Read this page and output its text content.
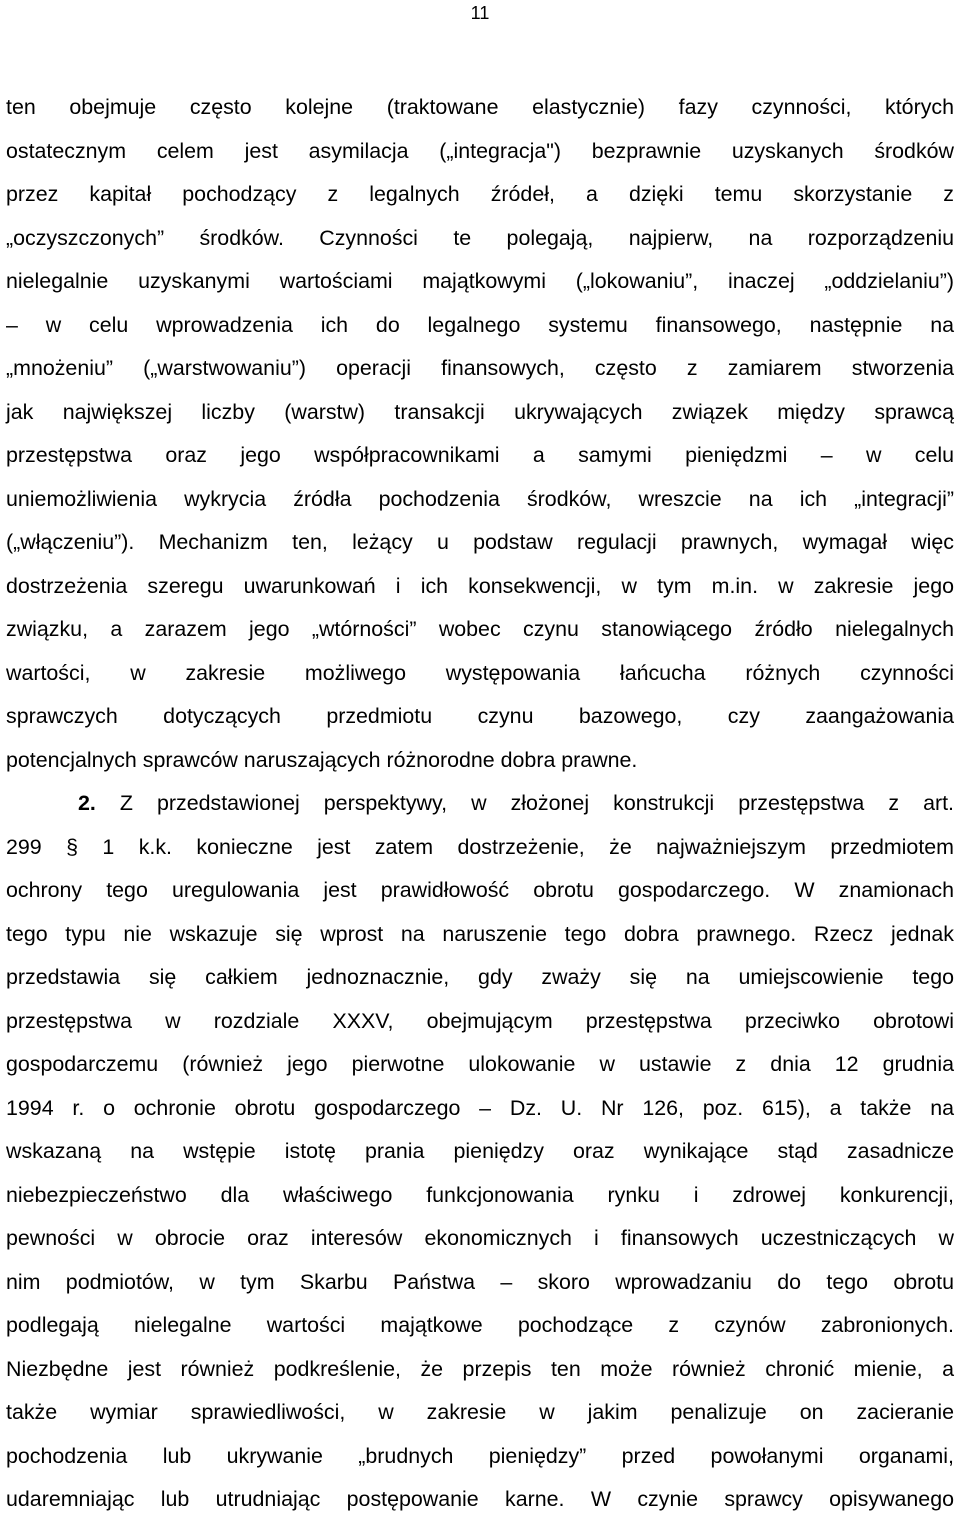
11
ten obejmuje często kolejne (traktowane elastycznie) fazy czynności, których
ostatecznym celem jest asymilacja („integracja") bezprawnie uzyskanych środków
przez kapitał pochodzący z legalnych źródeł, a dzięki temu skorzystanie z
„oczyszczonych” środków. Czynności te polegają, najpierw, na rozporządzeniu
nielegalnie uzyskanymi wartościami majątkowymi („lokowaniu”, inaczej „oddzielaniu”)
– w celu wprowadzenia ich do legalnego systemu finansowego, następnie na
„mnożeniu” („warstwowaniu”) operacji finansowych, często z zamiarem stworzenia
jak największej liczby (warstw) transakcji ukrywających związek między sprawcą
przestępstwa oraz jego współpracownikami a samymi pieniędzmi – w celu
uniemożliwienia wykrycia źródła pochodzenia środków, wreszcie na ich „integracji”
(„włączeniu”). Mechanizm ten, leżący u podstaw regulacji prawnych, wymagał więc
dostrzeżenia szeregu uwarunkowań i ich konsekwencji, w tym m.in. w zakresie jego
związku, a zarazem jego „wtórności” wobec czynu stanowiącego źródło nielegalnych
wartości, w zakresie możliwego występowania łańcucha różnych czynności
sprawczych dotyczących przedmiotu czynu bazowego, czy zaangażowania
potencjalnych sprawców naruszających różnorodne dobra prawne.
2. Z przedstawionej perspektywy, w złożonej konstrukcji przestępstwa z art.
299 § 1 k.k. konieczne jest zatem dostrzeżenie, że najważniejszym przedmiotem
ochrony tego uregulowania jest prawidłowość obrotu gospodarczego. W znamionach
tego typu nie wskazuje się wprost na naruszenie tego dobra prawnego. Rzecz jednak
przedstawia się całkiem jednoznacznie, gdy zważy się na umiejscowienie tego
przestępstwa w rozdziale XXXV, obejmującym przestępstwa przeciwko obrotowi
gospodarczemu (również jego pierwotne ulokowanie w ustawie z dnia 12 grudnia
1994 r. o ochronie obrotu gospodarczego – Dz. U. Nr 126, poz. 615), a także na
wskazaną na wstępie istotę prania pieniędzy oraz wynikające stąd zasadnicze
niebezpieczeństwo dla właściwego funkcjonowania rynku i zdrowej konkurencji,
pewności w obrocie oraz interesów ekonomicznych i finansowych uczestniczących w
nim podmiotów, w tym Skarbu Państwa – skoro wprowadzaniu do tego obrotu
podlegają nielegalne wartości majątkowe pochodzące z czynów zabronionych.
Niezbędne jest również podkreślenie, że przepis ten może również chronić mienie, a
także wymiar sprawiedliwości, w zakresie w jakim penalizuje on zacieranie
pochodzenia lub ukrywanie „brudnych pieniędzy” przed powołanymi organami,
udaremniając lub utrudniając postępowanie karne. W czynie sprawcy opisywanego
